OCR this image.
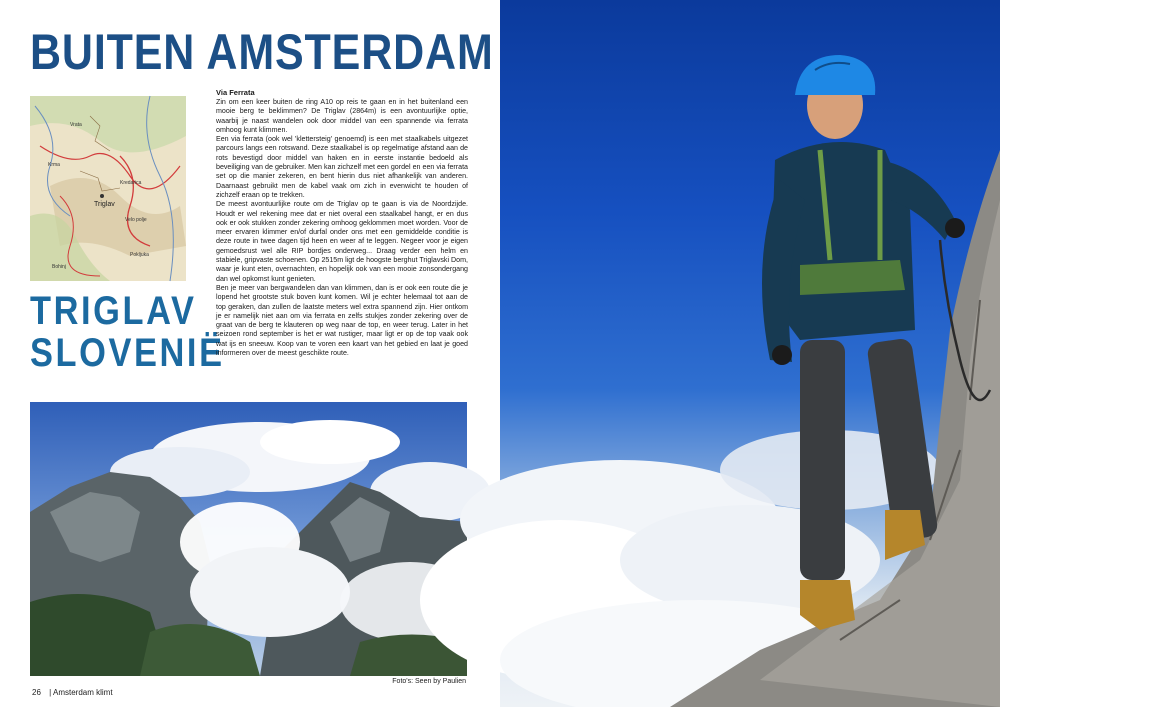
BUITEN AMSTERDAM
Triglav
Vrata
Velo polje
Krma
Kredarica
Pokljuka
Bohinj
TRIGLAV
SLOVENIË
Via Ferrata

Zin om een keer buiten de ring A10 op reis te gaan en in het buitenland een mooie berg te beklimmen? De Triglav (2864m) is een avontuurlijke optie, waarbij je naast wandelen ook door middel van een spannende via ferrata omhoog kunt klimmen.

Een via ferrata (ook wel 'klettersteig' genoemd) is een met staalkabels uitgezet parcours langs een rotswand. Deze staalkabel is op regelmatige afstand aan de rots bevestigd door middel van haken en in eerste instantie bedoeld als beveiliging van de gebruiker. Men kan zichzelf met een gordel en een via ferrata set op die manier zekeren, en bent hierin dus niet afhankelijk van anderen. Daarnaast gebruikt men de kabel vaak om zich in evenwicht te houden of zichzelf eraan op te trekken.

De meest avontuurlijke route om de Triglav op te gaan is via de Noordzijde. Houdt er wel rekening mee dat er niet overal een staalkabel hangt, er en dus ook er ook stukken zonder zekering omhoog geklommen moet worden. Voor de meer ervaren klimmer en/of durfal onder ons met een gemiddelde conditie is deze route in twee dagen tijd heen en weer af te leggen. Negeer voor je eigen gemoedsrust wel alle RIP bordjes onderweg... Draag verder een helm en stabiele, gripvaste schoenen. Op 2515m ligt de hoogste berghut Triglavski Dom, waar je kunt eten, overnachten, en hopelijk ook van een mooie zonsondergang dan wel opkomst kunt genieten.

Ben je meer van bergwandelen dan van klimmen, dan is er ook een route die je lopend het grootste stuk boven kunt komen. Wil je echter helemaal tot aan de top geraken, dan zullen de laatste meters wel extra spannend zijn. Hier ontkom je er namelijk niet aan om via ferrata en zelfs stukjes zonder zekering over de graat van de berg te klauteren op weg naar de top, en weer terug. Later in het seizoen rond september is het er wat rustiger, maar ligt er op de top vaak ook wat ijs en sneeuw. Koop van te voren een kaart van het gebied en laat je goed informeren over de meest geschikte route.

Foto's: Seen by Paulien
26 | Amsterdam klimt
Triglav

De Triglav is met 2864 m de hoogste berg van de Julische Alpen en tevens de hoogste van Slovenië. De berg ligt aan de grens tussen de regio's Gorenjska en Primorska tussen de gemeenten Mojstrana, Bohinj en Trenta. Triglav betekent de driekoppige, een verwijzing naar de vorm van de berg. De drie toppen staan voor het verleden, het heden en de toekomst; de berg geldt als nationaal symbool van de Slovenen. Een Sloveen behoort hem dan ook in ieder geval eens in zijn of haar leven beklommen te hebben.

Op feestdagen kan men symbolisch een brief sturen vanaf de Triglav. Er is dan op de top een postbeambte die stempels zet op de door wandelaars meegebrachte brieven en ansichtkaarten.

De Triglav ligt in het noordwesten van Slovenië, nagenoeg in het hart van het 838 km2 grote Nationaal park Triglav.
